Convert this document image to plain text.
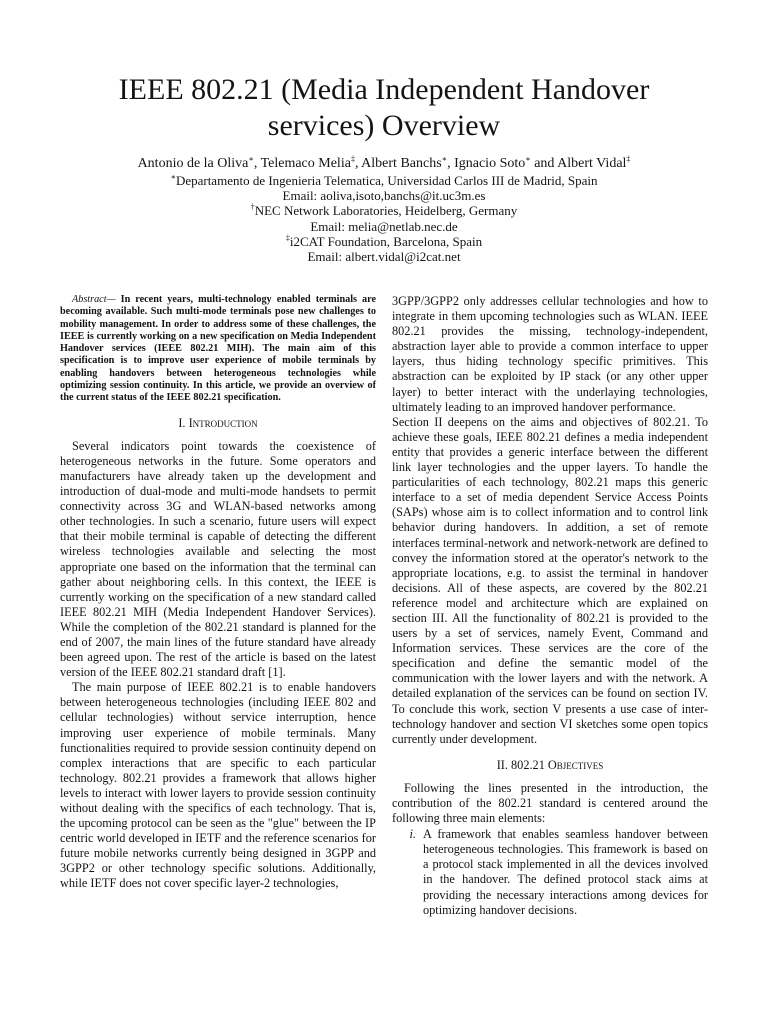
IEEE 802.21 (Media Independent Handover services) Overview
Antonio de la Oliva∗, Telemaco Melia‡, Albert Banchs∗, Ignacio Soto∗ and Albert Vidal‡
∗Departamento de Ingenieria Telematica, Universidad Carlos III de Madrid, Spain
Email: aoliva,isoto,banchs@it.uc3m.es
†NEC Network Laboratories, Heidelberg, Germany
Email: melia@netlab.nec.de
‡i2CAT Foundation, Barcelona, Spain
Email: albert.vidal@i2cat.net

Abstract— In recent years, multi-technology enabled terminals are becoming available. Such multi-mode terminals pose new challenges to mobility management. In order to address some of these challenges, the IEEE is currently working on a new specification on Media Independent Handover services (IEEE 802.21 MIH). The main aim of this specification is to improve user experience of mobile terminals by enabling handovers between heterogeneous technologies while optimizing session continuity. In this article, we provide an overview of the current status of the IEEE 802.21 specification.

I. Introduction

Several indicators point towards the coexistence of heterogeneous networks in the future. Some operators and manufacturers have already taken up the development and introduction of dual-mode and multi-mode handsets to permit connectivity across 3G and WLAN-based networks among other technologies. In such a scenario, future users will expect that their mobile terminal is capable of detecting the different wireless technologies available and selecting the most appropriate one based on the information that the terminal can gather about neighboring cells. In this context, the IEEE is currently working on the specification of a new standard called IEEE 802.21 MIH (Media Independent Handover Services). While the completion of the 802.21 standard is planned for the end of 2007, the main lines of the future standard have already been agreed upon. The rest of the article is based on the latest version of the IEEE 802.21 standard draft [1].

The main purpose of IEEE 802.21 is to enable handovers between heterogeneous technologies (including IEEE 802 and cellular technologies) without service interruption, hence improving user experience of mobile terminals. Many functionalities required to provide session continuity depend on complex interactions that are specific to each particular technology. 802.21 provides a framework that allows higher levels to interact with lower layers to provide session continuity without dealing with the specifics of each technology. That is, the upcoming protocol can be seen as the "glue" between the IP centric world developed in IETF and the reference scenarios for future mobile networks currently being designed in 3GPP and 3GPP2 or other technology specific solutions. Additionally, while IETF does not cover specific layer-2 technologies,

3GPP/3GPP2 only addresses cellular technologies and how to integrate in them upcoming technologies such as WLAN. IEEE 802.21 provides the missing, technology-independent, abstraction layer able to provide a common interface to upper layers, thus hiding technology specific primitives. This abstraction can be exploited by IP stack (or any other upper layer) to better interact with the underlaying technologies, ultimately leading to an improved handover performance.

Section II deepens on the aims and objectives of 802.21. To achieve these goals, IEEE 802.21 defines a media independent entity that provides a generic interface between the different link layer technologies and the upper layers. To handle the particularities of each technology, 802.21 maps this generic interface to a set of media dependent Service Access Points (SAPs) whose aim is to collect information and to control link behavior during handovers. In addition, a set of remote interfaces terminal-network and network-network are defined to convey the information stored at the operator's network to the appropriate locations, e.g. to assist the terminal in handover decisions. All of these aspects, are covered by the 802.21 reference model and architecture which are explained on section III. All the functionality of 802.21 is provided to the users by a set of services, namely Event, Command and Information services. These services are the core of the specification and define the semantic model of the communication with the lower layers and with the network. A detailed explanation of the services can be found on section IV. To conclude this work, section V presents a use case of inter-technology handover and section VI sketches some open topics currently under development.

II. 802.21 Objectives

Following the lines presented in the introduction, the contribution of the 802.21 standard is centered around the following three main elements:

i. A framework that enables seamless handover between heterogeneous technologies. This framework is based on a protocol stack implemented in all the devices involved in the handover. The defined protocol stack aims at providing the necessary interactions among devices for optimizing handover decisions.
